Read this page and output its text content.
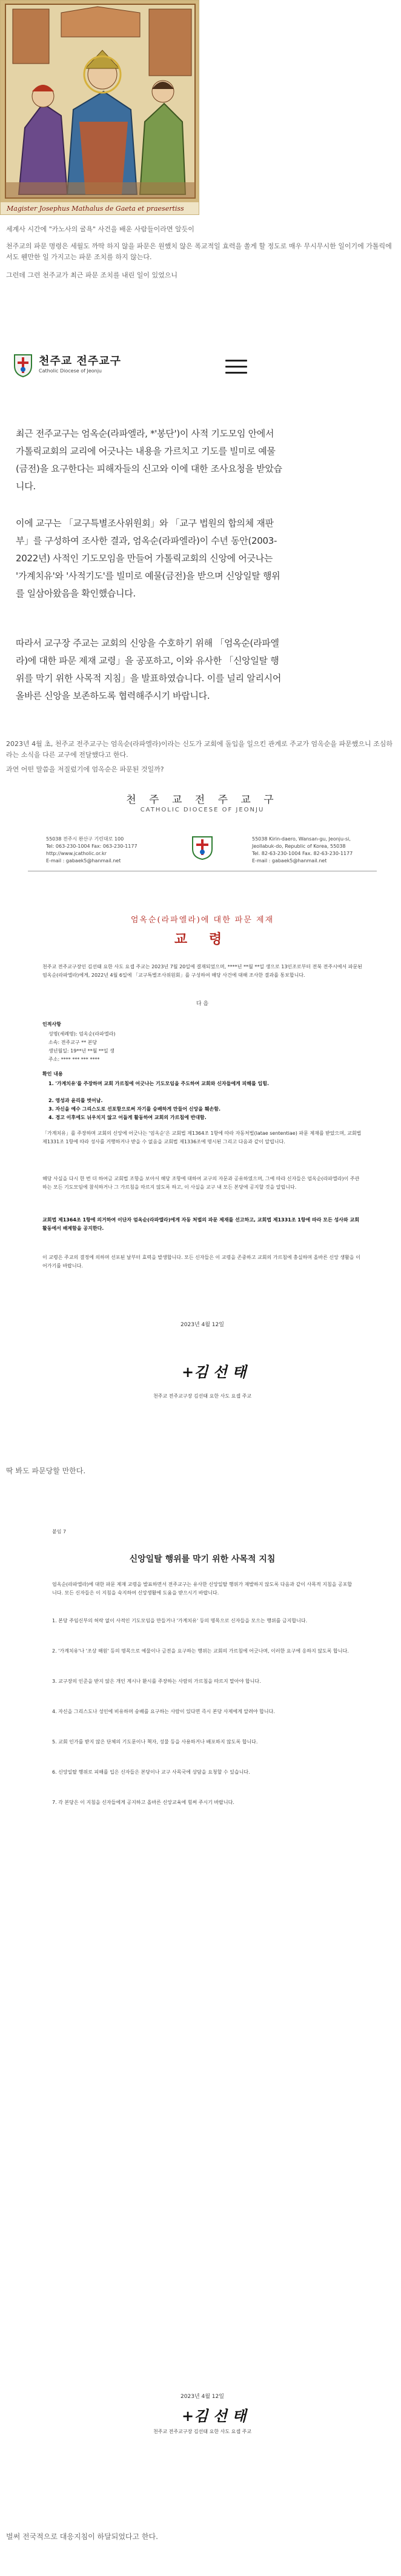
Magister Josephus Mathalus de Gaeta et praesertiss
세계사 시간에 "카노사의 굴욕" 사건을 배운 사람들이라면 알듯이
천주교의 파문 명령은 세월도 까딱 하지 않을 파문은 원했치 않은 폭교적일 효력을 쏠게 할 정도로 매우 무시무시한 일이기에 가톨릭에서도 웬만한 일 가지고는 파문 조치를 하지 않는다.
그런데 그런 천주교가 최근 파문 조치를 내린 일이 있었으니
천주교 전주교구
Catholic Diocese of Jeonju
최근 전주교구는 엄옥순(라파엘라, *'봉단')이 사적 기도모임 안에서 가톨릭교회의 교리에 어긋나는 내용을 가르치고 기도를 빌미로 예물(금전)을 요구한다는 피해자들의 신고와 이에 대한 조사요청을 받았습니다.
이에 교구는 「교구특별조사위원회」와 「교구 법원의 합의체 재판부」를 구성하여 조사한 결과, 엄옥순(라파엘라)이 수년 동안(2003-2022년) 사적인 기도모임을 만들어 가톨릭교회의 신앙에 어긋나는 '가계치유'와 '사적기도'를 빌미로 예물(금전)을 받으며 신앙일탈 행위를 일삼아왔음을 확인했습니다.
따라서 교구장 주교는 교회의 신앙을 수호하기 위해 「엄옥순(라파엘라)에 대한 파문 제재 교령」을 공포하고, 이와 유사한 「신앙일탈 행위를 막기 위한 사목적 지침」을 발표하였습니다. 이를 널리 알리시어 올바른 신앙을 보존하도록 협력해주시기 바랍니다.
2023년 4월 초, 천주교 전주교구는 엄옥순(라파엘라)이라는 신도가 교회에 돌입을 일으킨 관계로 주교가 엄옥순을 파문했으니 조심하라는 소식을 다른 교구에 전달했다고 한다.
과연 어떤 말씀을 저질렀기에 엄옥순은 파문된 것일까?
천 주 교 전 주 교 구
CATHOLIC DIOCESE OF JEONJU
55038 전주시 완산구 기린대로 100
Tel: 063-230-1004 Fax: 063-230-1177
http://www.jcatholic.or.kr
E-mail : gabaek5@hanmail.net
55038 Kirin-daero, Wansan-gu, Jeonju-si,
Jeollabuk-do, Republic of Korea, 55038
Tel. 82-63-230-1004 Fax. 82-63-230-1177
E-mail : gabaek5@hanmail.net
엄옥순(라파엘라)에 대한 파문 제재
교 령
천주교 전주교구장인 김선태 요한 사도 요셉 주교는 2023년 7월 20일에 결재되었으며, ****년 **월 **일 생으로 13인조로부터 전북 전주시에서 파문된 엄옥순(라파엘라)에게, 2022년 4월 6일에 「교구특별조사위원회」를 구성하여 해당 사건에 대해 조사한 결과를 통보합니다.
다 음
인적사항
성명(세례명): 엄옥순(라파엘라)
소속: 전주교구 ** 본당
생년월일: 19**년 **월 **일 생
주소: **** *** *** ****
확인 내용
1. '가계치유'를 주장하며 교회 가르침에 어긋나는 기도모임을 주도하여 교회와 신자들에게 피해를 입힘.
2. 영성과 윤리를 벗어남.
3. 자신을 예수 그리스도로 선포함으로써 자기를 숭배하게 만들어 신앙을 훼손함.
4. 경고 이후에도 뉘우치지 않고 어둡게 활동하여 교회의 가르침에 반대함.
「가계치유」를 주장하며 교회의 신앙에 어긋나는 '엄옥순'은 교회법 제1364조 1항에 따라 자동처벌(latae sententiae) 파문 제재를 받았으며, 교회법 제1331조 1항에 따라 성사를 거행하거나 받을 수 없음을 교회법 제1336조에 명시된 그리고 다음과 같이 알립니다.
해당 사실을 다시 한 번 더 하여금 교회법 조항을 보아서 해당 조항에 대하여 교구의 자문과 공유하였으며, 그에 따라 신자들은 엄옥순(라파엘라)이 주관하는 모든 기도모임에 참석하거나 그 가르침을 따르지 않도록 하고, 이 사실을 교구 내 모든 본당에 공지할 것을 알립니다.
교회법 제1364조 1항에 의거하여 이단자 엄옥순(라파엘라)에게 자동 처벌의 파문 제재를 선고하고, 교회법 제1331조 1항에 따라 모든 성사와 교회 활동에서 배제함을 공지한다.
이 교령은 주교의 결정에 의하며 선포된 날부터 효력을 발생합니다. 모든 신자들은 이 교령을 존중하고 교회의 가르침에 충실하며 올바른 신앙 생활을 이어가기를 바랍니다.
2023년 4월 12일
+김 선 태
천주교 전주교구장 김선태 요한 사도 요셉 주교
딱 봐도 파문당할 만한다.
붙임 7
신앙일탈 행위를 막기 위한 사목적 지침
엄옥순(라파엘라)에 대한 파문 제재 교령을 발표하면서 전주교구는 유사한 신앙일탈 행위가 재발하지 않도록 다음과 같이 사목적 지침을 공포합니다. 모든 신자들은 이 지침을 숙지하여 신앙생활에 도움을 받으시기 바랍니다.
1. 본당 주임신부의 허락 없이 사적인 기도모임을 만들거나 '가계치유' 등의 명목으로 신자들을 모으는 행위를 금지합니다.
2. '가계치유'나 '조상 해원' 등의 명목으로 예물이나 금전을 요구하는 행위는 교회의 가르침에 어긋나며, 이러한 요구에 응하지 않도록 합니다.
3. 교구장의 인준을 받지 않은 개인 계시나 환시를 주장하는 사람의 가르침을 따르지 말아야 합니다.
4. 자신을 그리스도나 성인에 비유하며 숭배를 요구하는 사람이 있다면 즉시 본당 사제에게 알려야 합니다.
5. 교회 인가를 받지 않은 단체의 기도문이나 책자, 성물 등을 사용하거나 배포하지 않도록 합니다.
6. 신앙일탈 행위로 피해를 입은 신자들은 본당이나 교구 사목국에 상담을 요청할 수 있습니다.
7. 각 본당은 이 지침을 신자들에게 공지하고 올바른 신앙교육에 힘써 주시기 바랍니다.
2023년 4월 12일
+김 선 태
천주교 전주교구장 김선태 요한 사도 요셉 주교
벌써 전국적으로 대응지침이 하달되었다고 한다.
